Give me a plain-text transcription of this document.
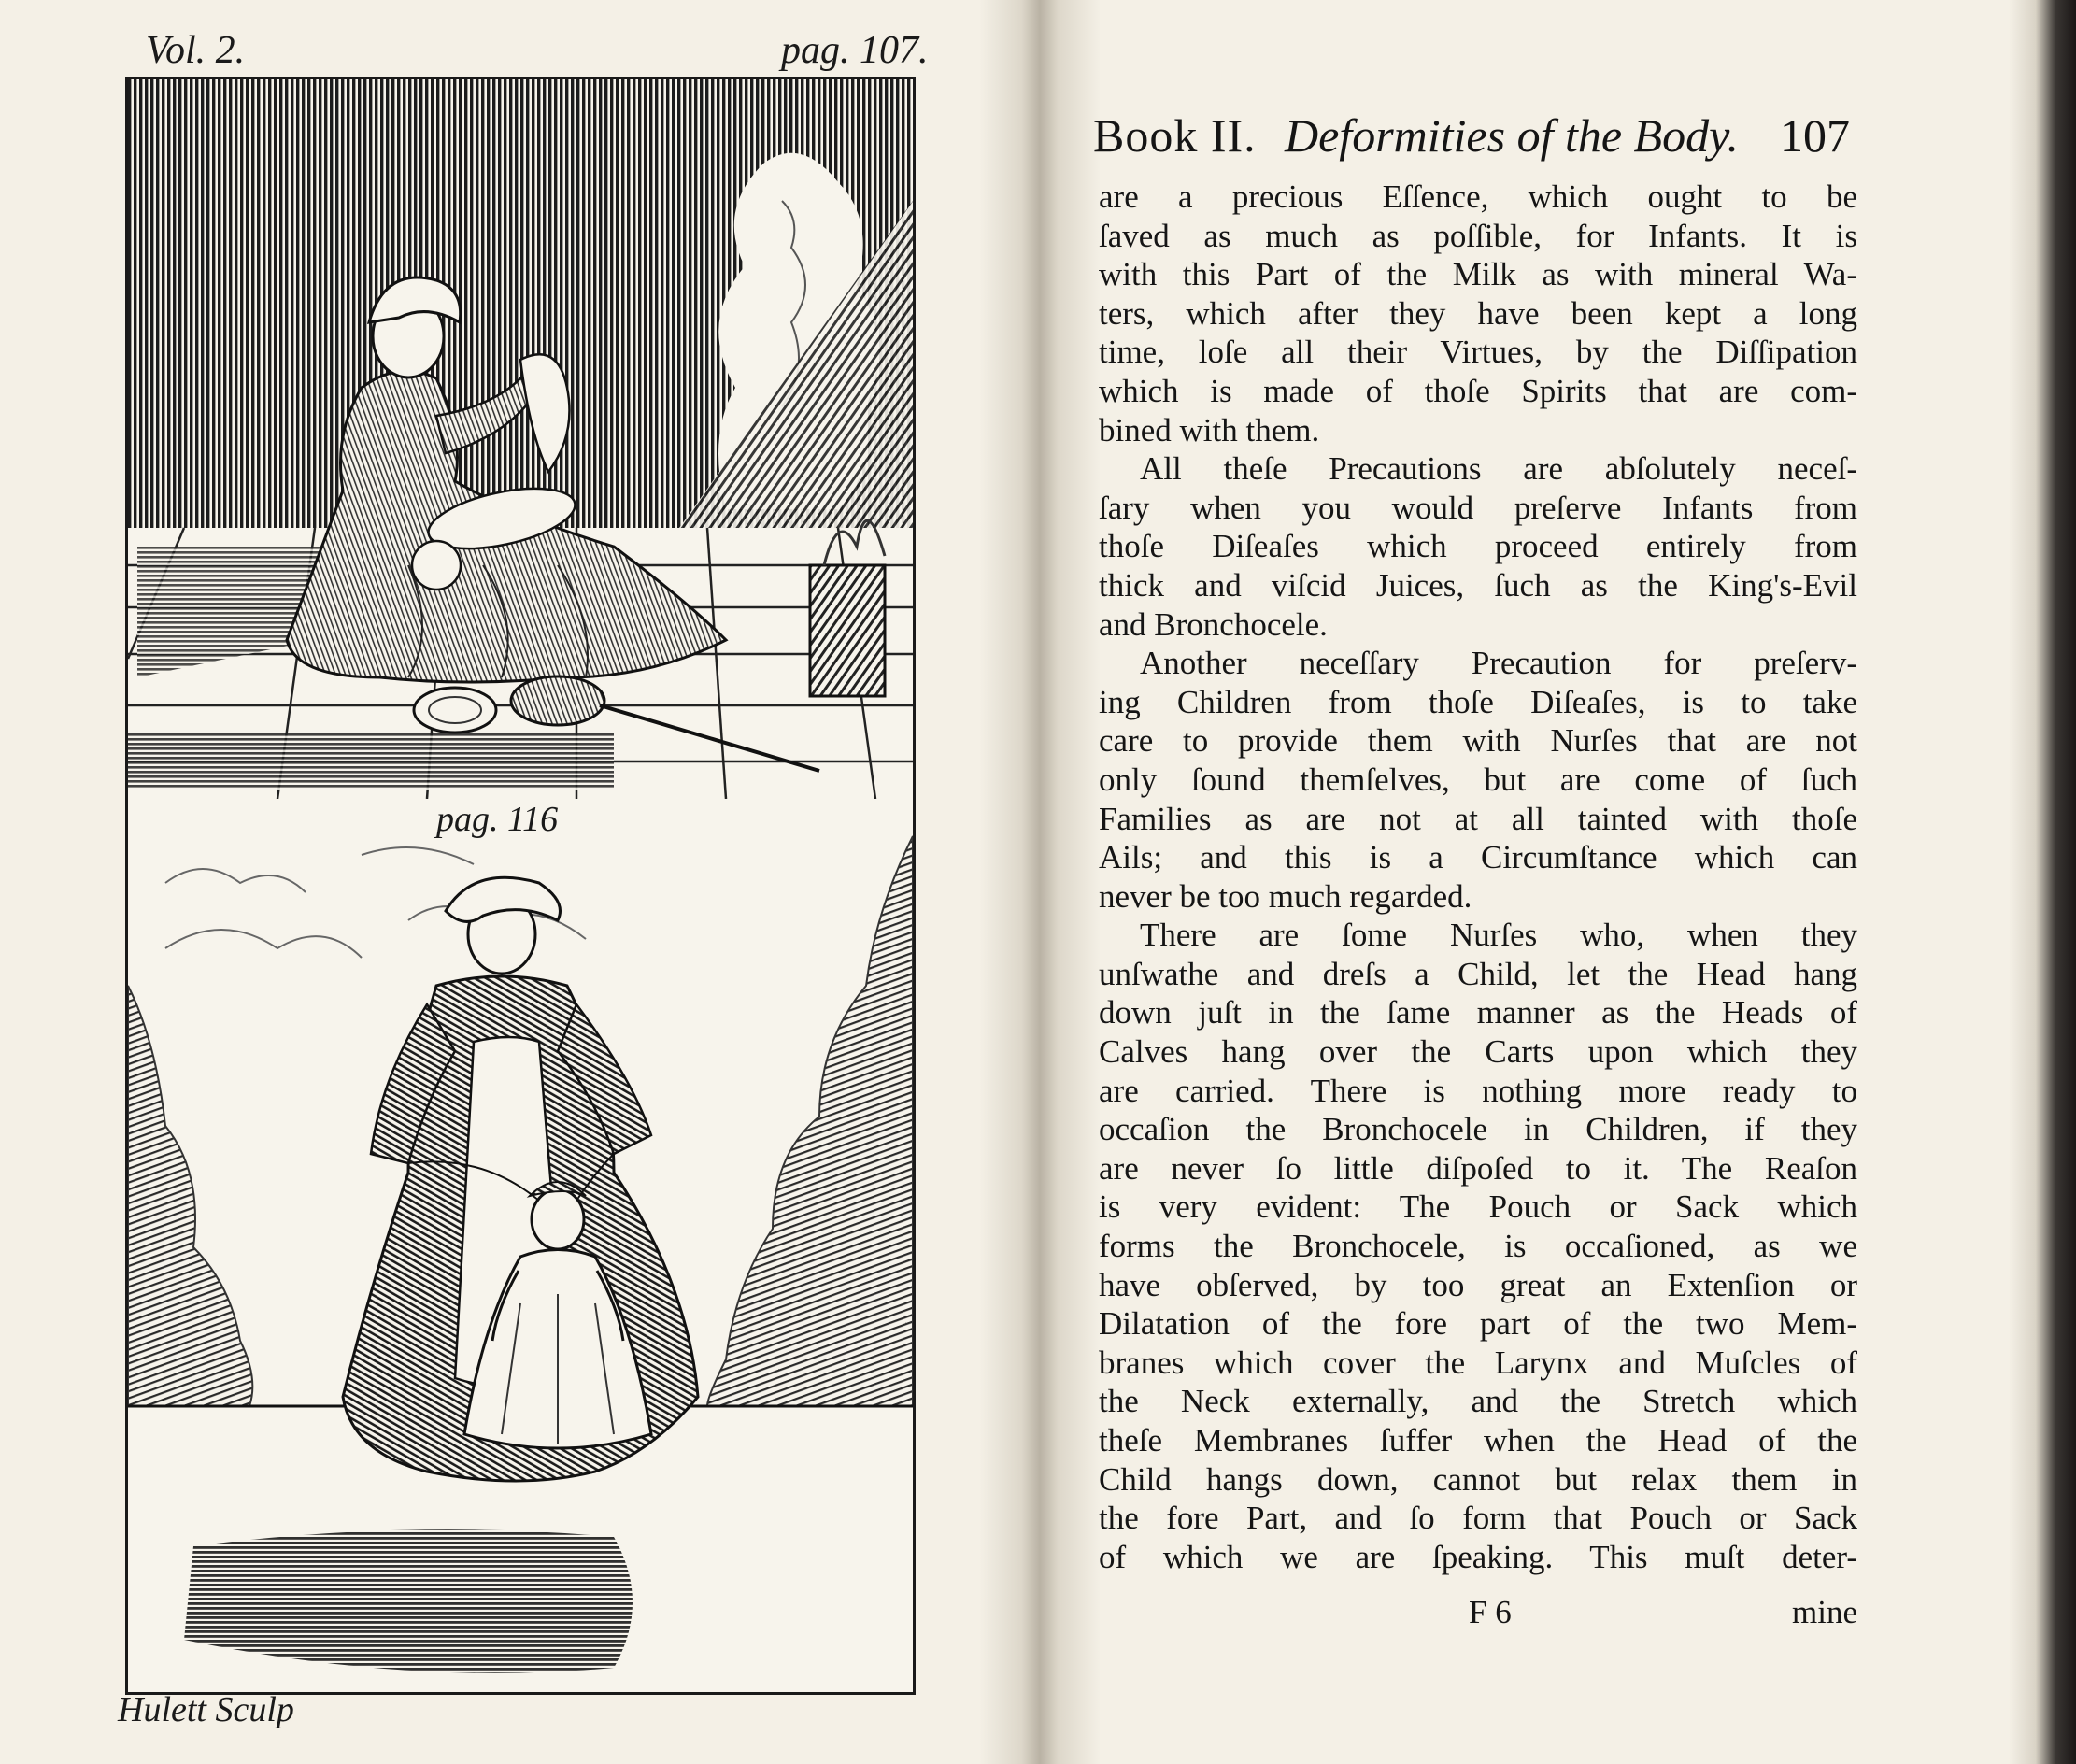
Vol. 2.	pag. 107.
pag. 116
Hulett Sculp
Book II. Deformities of the Body. 107
are a precious Eſſence, which ought to be
ſaved as much as poſſible, for Infants. It is
with this Part of the Milk as with mineral Wa-
ters, which after they have been kept a long
time, loſe all their Virtues, by the Diſſipation
which is made of thoſe Spirits that are com-
bined with them.
All theſe Precautions are abſolutely neceſ-
ſary when you would preſerve Infants from
thoſe Diſeaſes which proceed entirely from
thick and viſcid Juices, ſuch as the King's-Evil
and Bronchocele.
Another neceſſary Precaution for preſerv-
ing Children from thoſe Diſeaſes, is to take
care to provide them with Nurſes that are not
only ſound themſelves, but are come of ſuch
Families as are not at all tainted with thoſe
Ails; and this is a Circumſtance which can
never be too much regarded.
There are ſome Nurſes who, when they
unſwathe and dreſs a Child, let the Head hang
down juſt in the ſame manner as the Heads of
Calves hang over the Carts upon which they
are carried. There is nothing more ready to
occaſion the Bronchocele in Children, if they
are never ſo little diſpoſed to it. The Reaſon
is very evident: The Pouch or Sack which
forms the Bronchocele, is occaſioned, as we
have obſerved, by too great an Extenſion or
Dilatation of the fore part of the two Mem-
branes which cover the Larynx and Muſcles of
the Neck externally, and the Stretch which
theſe Membranes ſuffer when the Head of the
Child hangs down, cannot but relax them in
the fore Part, and ſo form that Pouch or Sack
of which we are ſpeaking. This muſt deter-
F 6	mine
